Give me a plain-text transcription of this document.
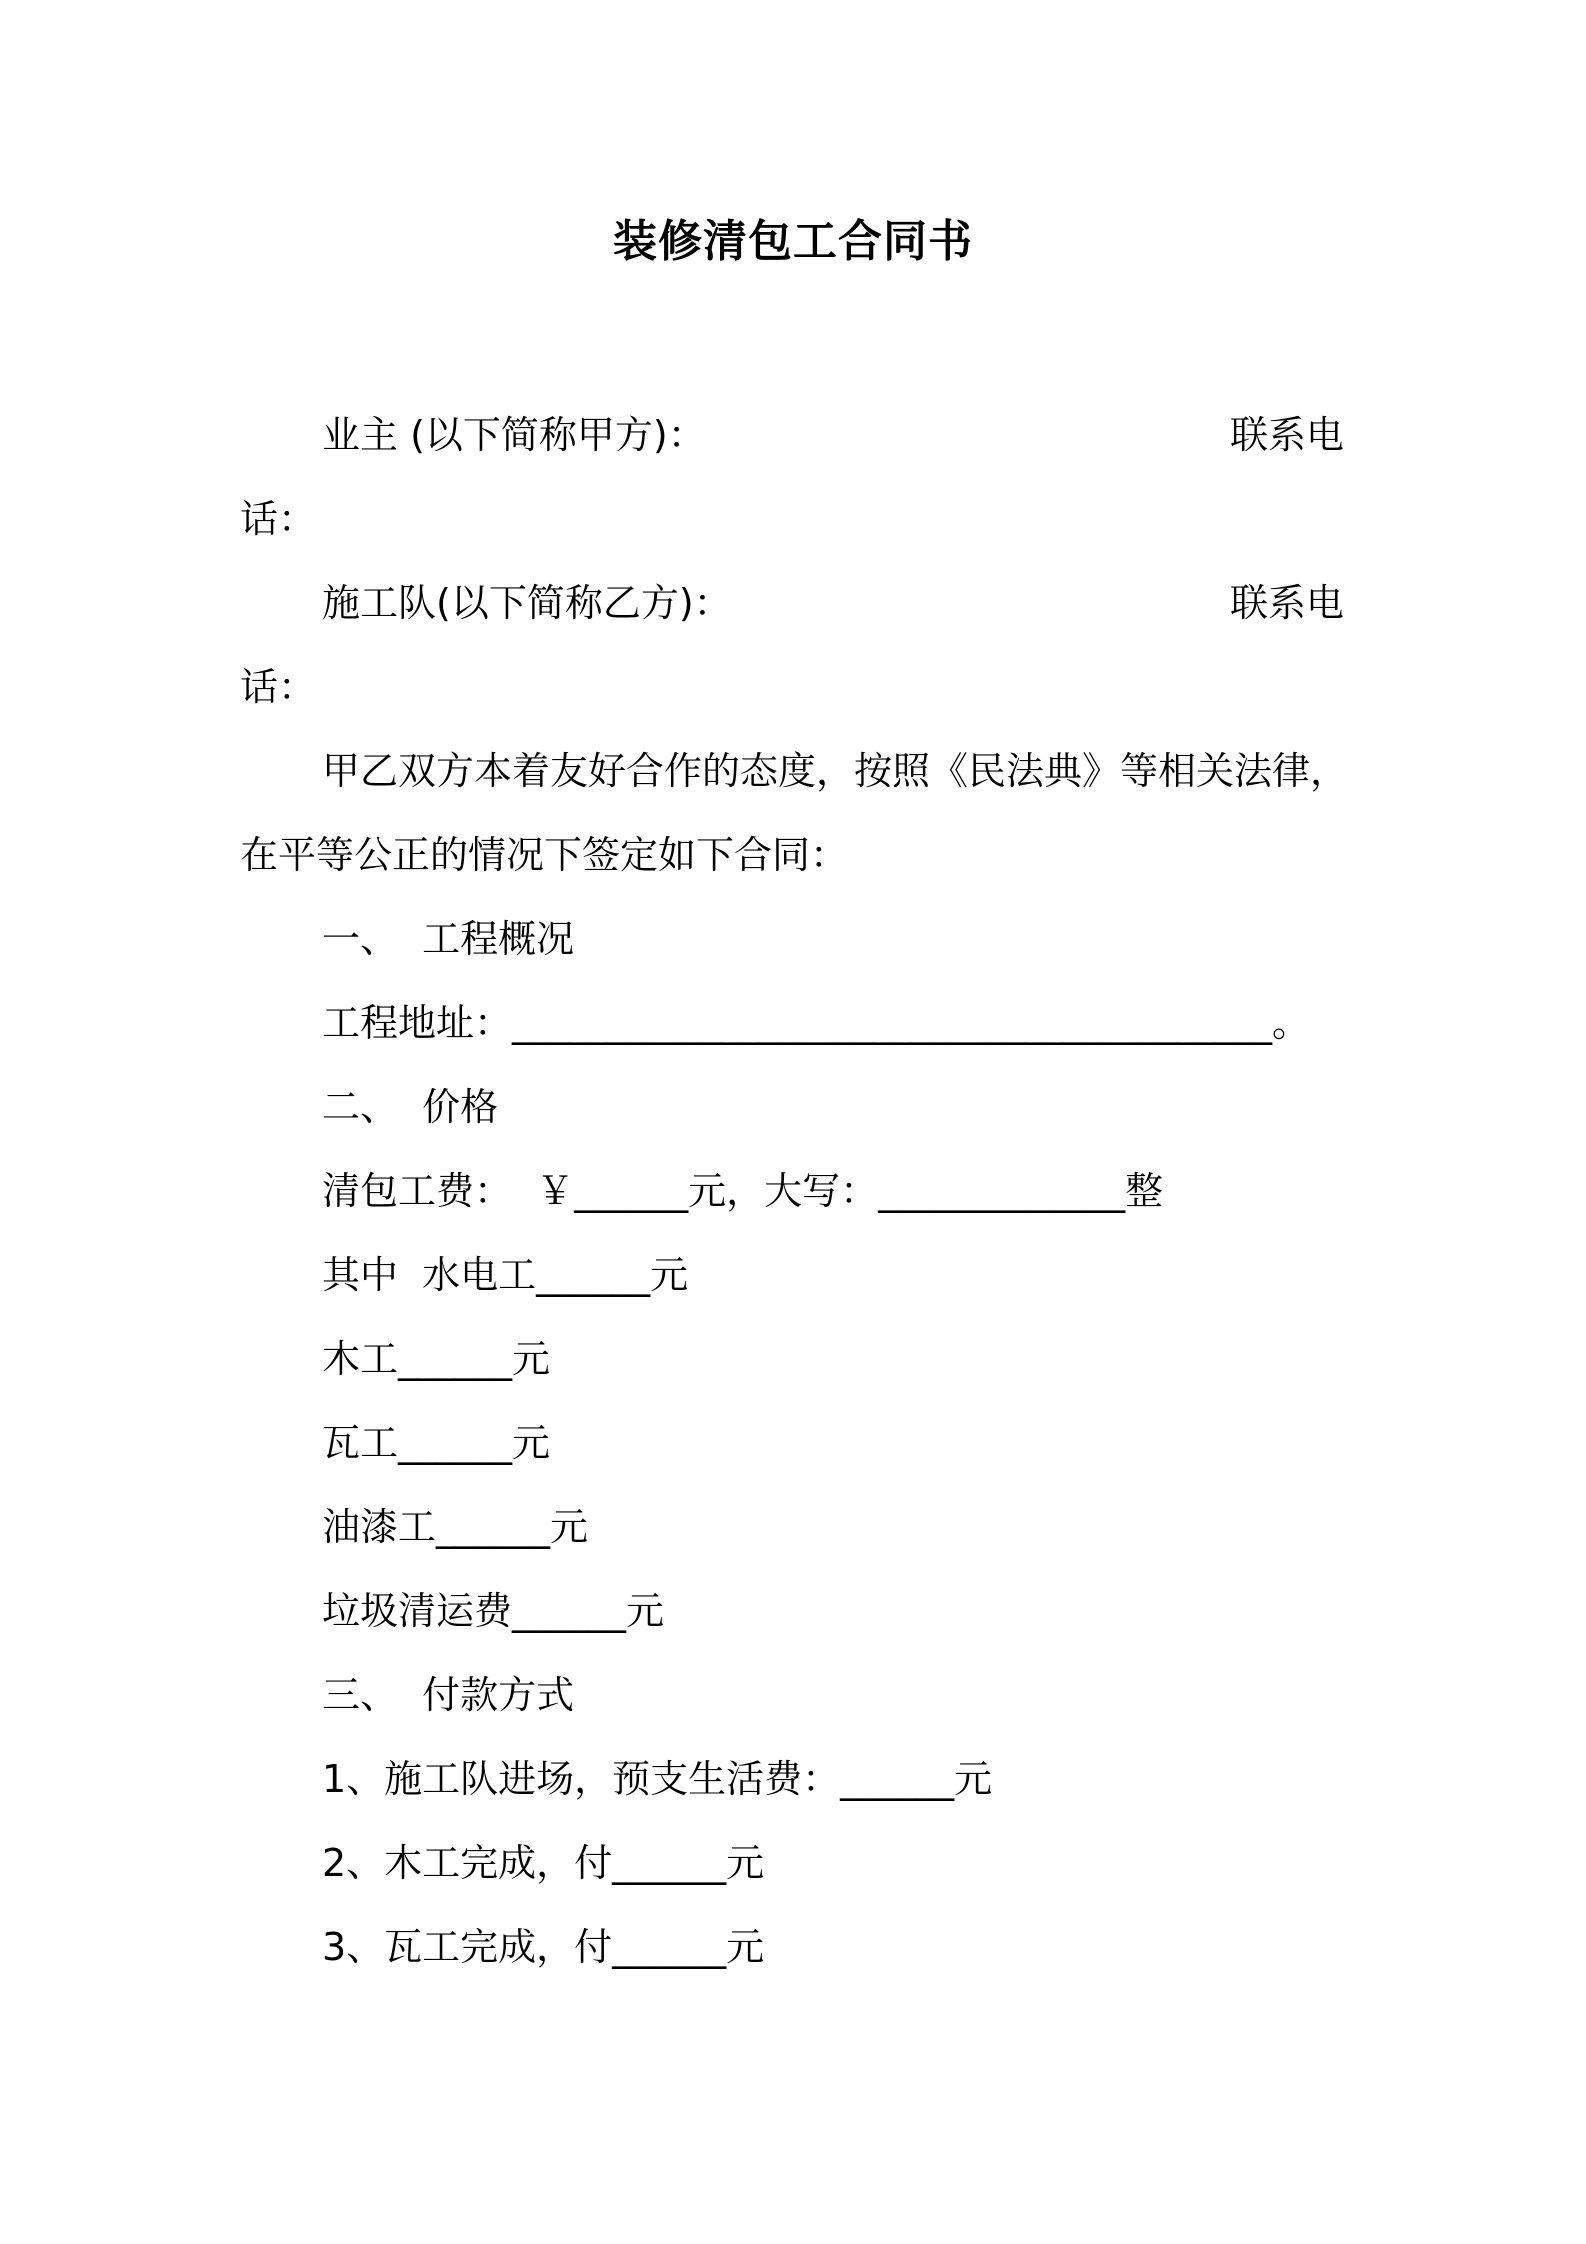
装修清包工合同书
业主 (以下简称甲方)：	联系电
话：
施工队(以下简称乙方)：	联系电
话：
甲乙双方本着友好合作的态度，按照《民法典》等相关法律，
在平等公正的情况下签定如下合同：
一、  工程概况
工程地址：________________________________________。
二、  价格
清包工费：  ￥______元，大写：_____________整
其中  水电工______元
木工______元
瓦工______元
油漆工______元
垃圾清运费______元
三、  付款方式
1、施工队进场，预支生活费：______元
2、木工完成，付______元
3、瓦工完成，付______元
